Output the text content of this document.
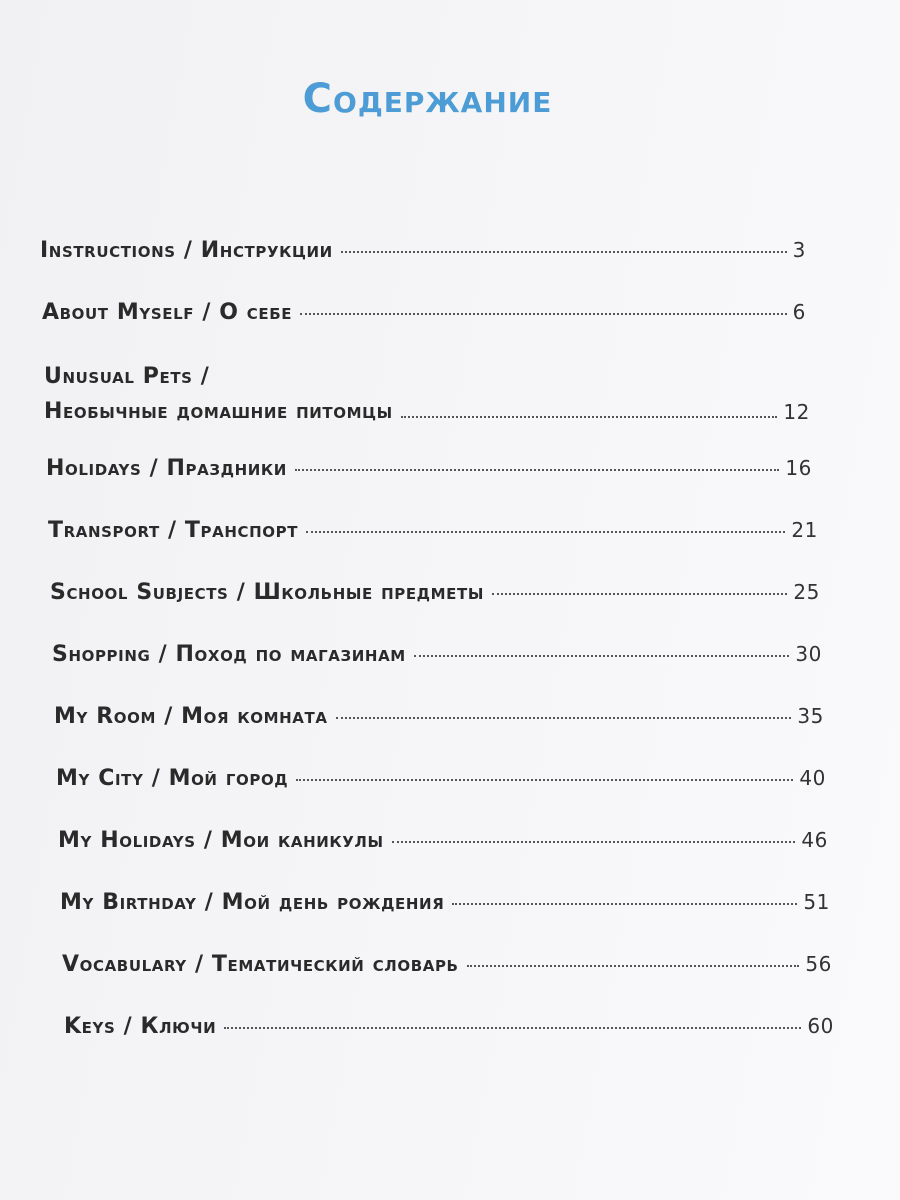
Содержание
Instructions / Инструкции	3
About Myself / О себе	6
Unusual Pets /
Необычные домашние питомцы	12
Holidays / Праздники	16
Transport / Транспорт	21
School Subjects / Школьные предметы	25
Shopping / Поход по магазинам	30
My Room / Моя комната	35
My City / Мой город	40
My Holidays / Мои каникулы	46
My Birthday / Мой день рождения	51
Vocabulary / Тематический словарь	56
Keys / Ключи	60
